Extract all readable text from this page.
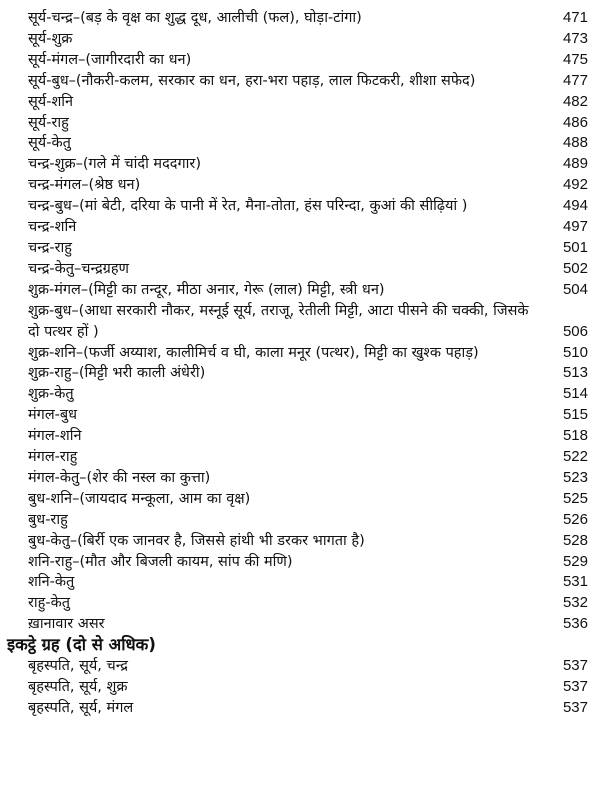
सूर्य-चन्द्र–(बड़ के वृक्ष का शुद्ध दूध, आलीची (फल), घोड़ा-टांगा)	471
सूर्य-शुक्र	473
सूर्य-मंगल–(जागीरदारी का धन)	475
सूर्य-बुध–(नौकरी-कलम, सरकार का धन, हरा-भरा पहाड़, लाल फिटकरी, शीशा सफेद)	477
सूर्य-शनि	482
सूर्य-राहु	486
सूर्य-केतु	488
चन्द्र-शुक्र–(गले में चांदी मददगार)	489
चन्द्र-मंगल–(श्रेष्ठ धन)	492
चन्द्र-बुध–(मां बेटी, दरिया के पानी में रेत, मैना-तोता, हंस परिन्दा, कुआं की सीढ़ियां )	494
चन्द्र-शनि	497
चन्द्र-राहु	501
चन्द्र-केतु–चन्द्रग्रहण	502
शुक्र-मंगल–(मिट्टी का तन्दूर, मीठा अनार, गेरू (लाल) मिट्टी, स्त्री धन)	504
शुक्र-बुध–(आधा सरकारी नौकर, मस्नूई सूर्य, तराजू, रेतीली मिट्टी, आटा पीसने की चक्की, जिसके दो पत्थर हों )	506
शुक्र-शनि–(फर्जी अय्याश, कालीमिर्च व घी, काला मनूर (पत्थर), मिट्टी का खुश्क पहाड़)	510
शुक्र-राहु–(मिट्टी भरी काली अंधेरी)	513
शुक्र-केतु	514
मंगल-बुध	515
मंगल-शनि	518
मंगल-राहु	522
मंगल-केतु–(शेर की नस्ल का कुत्ता)	523
बुध-शनि–(जायदाद मन्कूला, आम का वृक्ष)	525
बुध-राहु	526
बुध-केतु–(बिर्री एक जानवर है, जिससे हांथी भी डरकर भागता है)	528
शनि-राहु–(मौत और बिजली कायम, सांप की मणि)	529
शनि-केतु	531
राहु-केतु	532
ख़ानावार असर	536
इकट्ठे ग्रह (दो से अधिक)
बृहस्पति, सूर्य, चन्द्र	537
बृहस्पति, सूर्य, शुक्र	537
बृहस्पति, सूर्य, मंगल	537
